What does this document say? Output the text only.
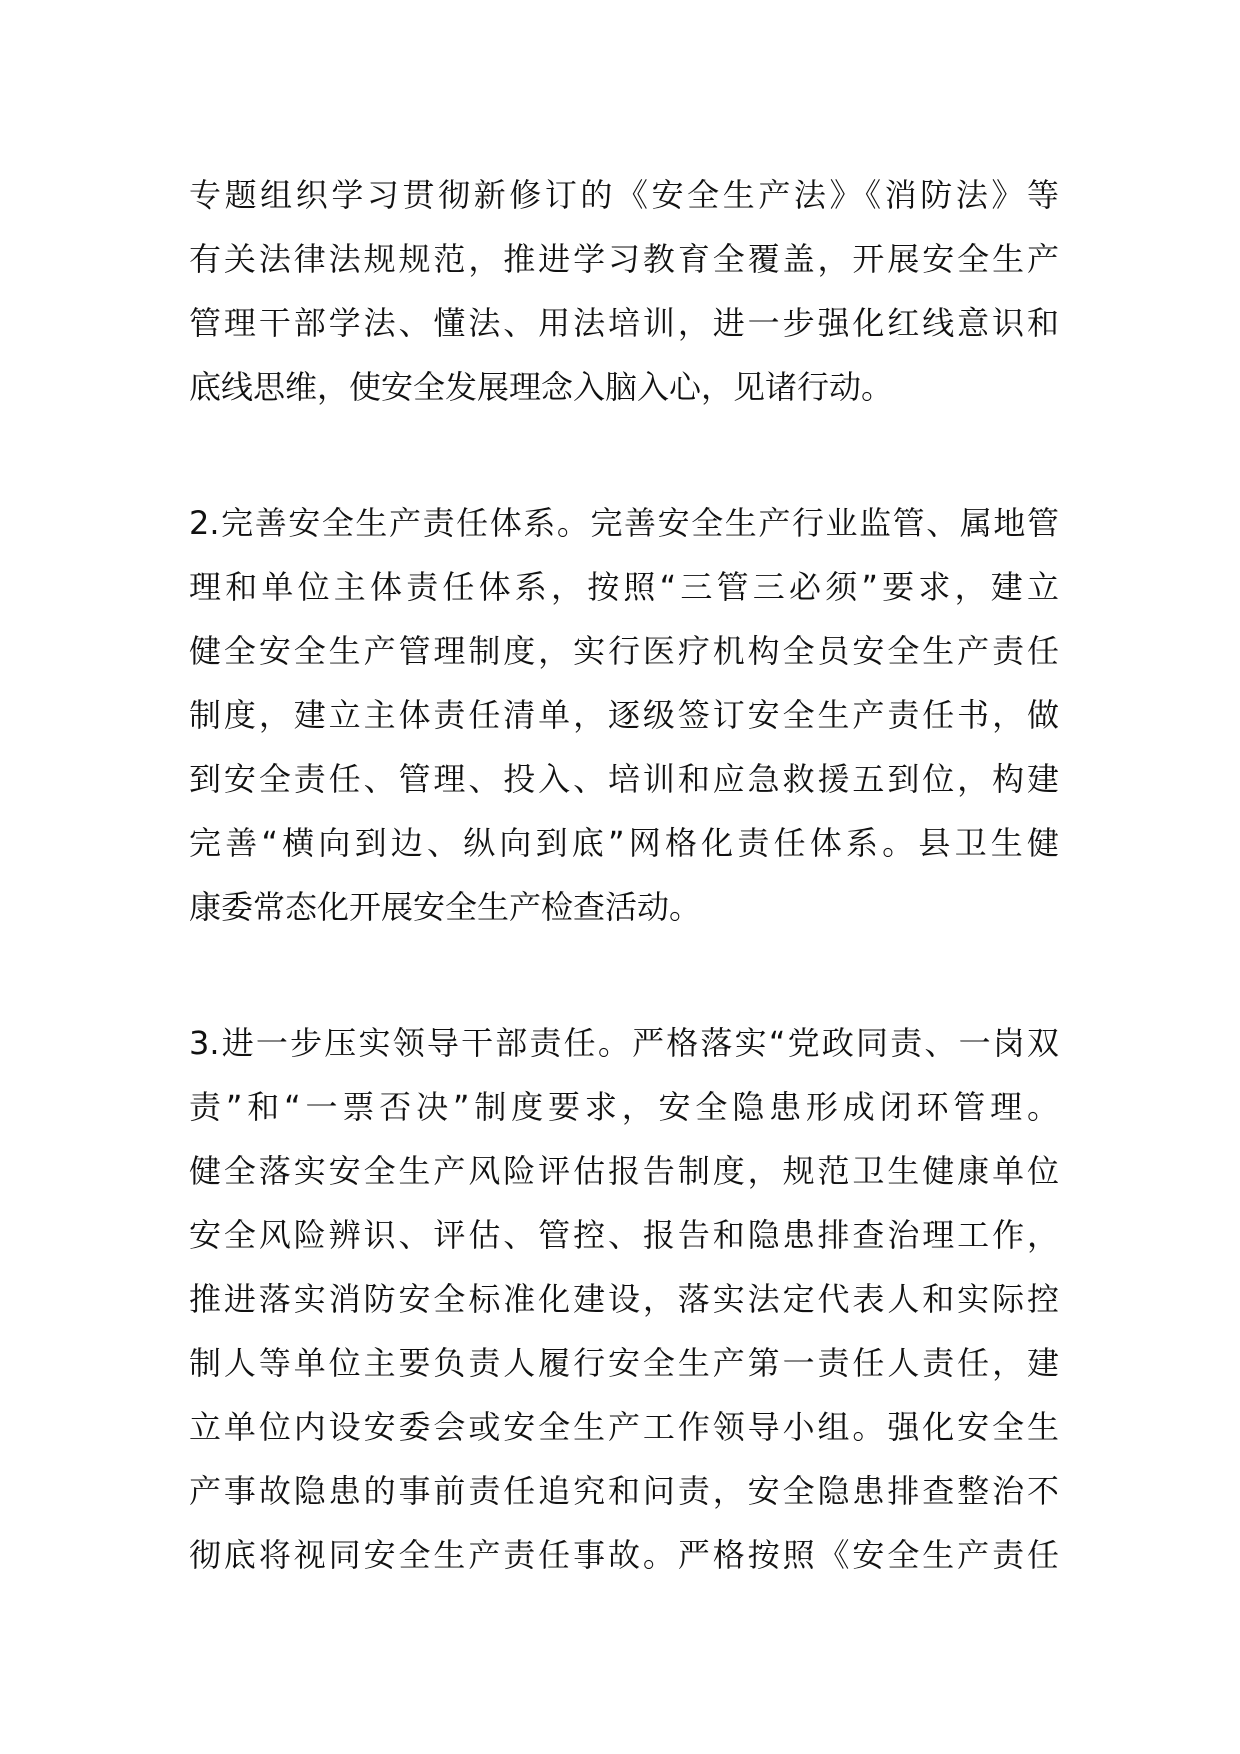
专题组织学习贯彻新修订的《安全生产法》《消防法》等
有关法律法规规范，推进学习教育全覆盖，开展安全生产
管理干部学法、懂法、用法培训，进一步强化红线意识和
底线思维，使安全发展理念入脑入心，见诸行动。
2.完善安全生产责任体系。完善安全生产行业监管、属地管
理和单位主体责任体系，按照“三管三必须”要求，建立
健全安全生产管理制度，实行医疗机构全员安全生产责任
制度，建立主体责任清单，逐级签订安全生产责任书，做
到安全责任、管理、投入、培训和应急救援五到位，构建
完善“横向到边、纵向到底”网格化责任体系。县卫生健
康委常态化开展安全生产检查活动。
3.进一步压实领导干部责任。严格落实“党政同责、一岗双
责”和“一票否决”制度要求，安全隐患形成闭环管理。
健全落实安全生产风险评估报告制度，规范卫生健康单位
安全风险辨识、评估、管控、报告和隐患排查治理工作，
推进落实消防安全标准化建设，落实法定代表人和实际控
制人等单位主要负责人履行安全生产第一责任人责任，建
立单位内设安委会或安全生产工作领导小组。强化安全生
产事故隐患的事前责任追究和问责，安全隐患排查整治不
彻底将视同安全生产责任事故。严格按照《安全生产责任
